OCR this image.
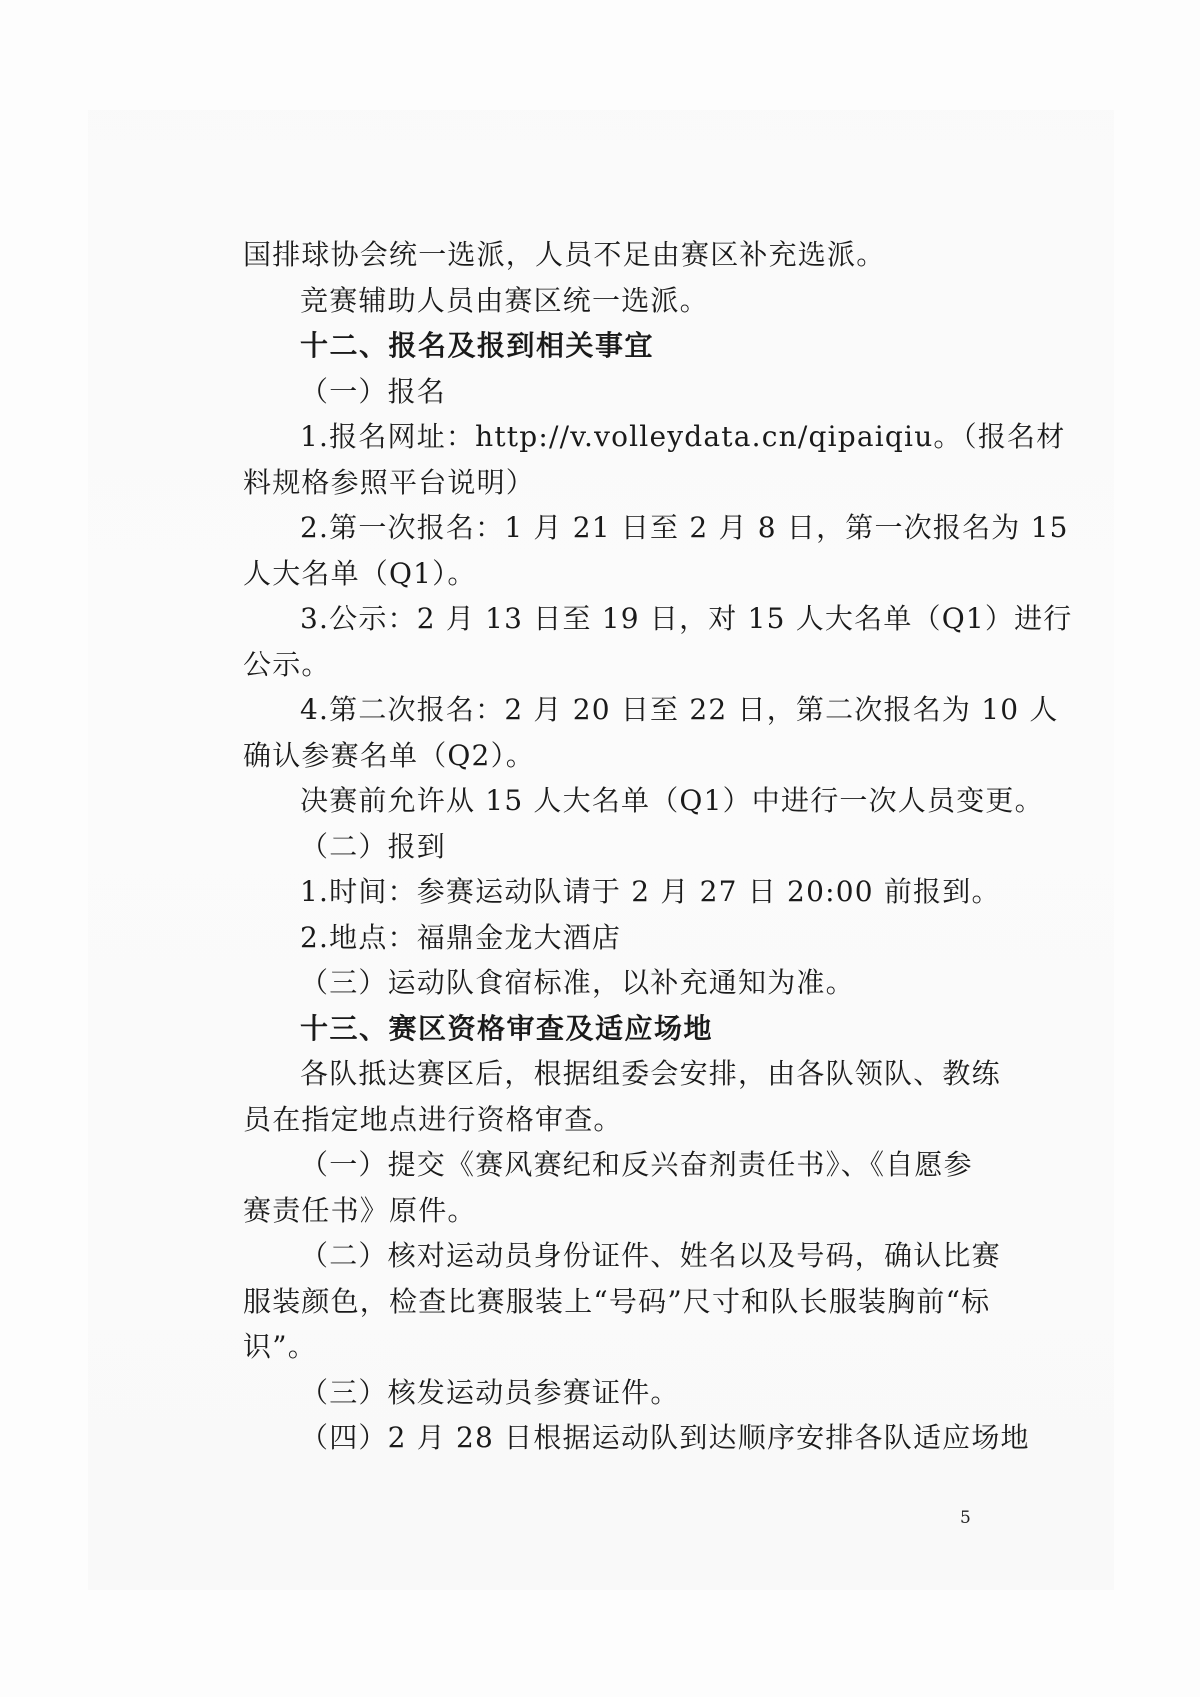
国排球协会统一选派，人员不足由赛区补充选派。
竞赛辅助人员由赛区统一选派。
十二、报名及报到相关事宜
（一）报名
1.报名网址：http://v.volleydata.cn/qipaiqiu。（报名材
料规格参照平台说明）
2.第一次报名：1 月 21 日至 2 月 8 日，第一次报名为 15
人大名单（Q1）。
3.公示：2 月 13 日至 19 日，对 15 人大名单（Q1）进行
公示。
4.第二次报名：2 月 20 日至 22 日，第二次报名为 10 人
确认参赛名单（Q2）。
决赛前允许从 15 人大名单（Q1）中进行一次人员变更。
（二）报到
1.时间：参赛运动队请于 2 月 27 日 20:00 前报到。
2.地点：福鼎金龙大酒店
（三）运动队食宿标准，以补充通知为准。
十三、赛区资格审查及适应场地
各队抵达赛区后，根据组委会安排，由各队领队、教练
员在指定地点进行资格审查。
（一）提交《赛风赛纪和反兴奋剂责任书》、《自愿参
赛责任书》原件。
（二）核对运动员身份证件、姓名以及号码，确认比赛
服装颜色，检查比赛服装上“号码”尺寸和队长服装胸前“标
识”。
（三）核发运动员参赛证件。
（四）2 月 28 日根据运动队到达顺序安排各队适应场地
5
